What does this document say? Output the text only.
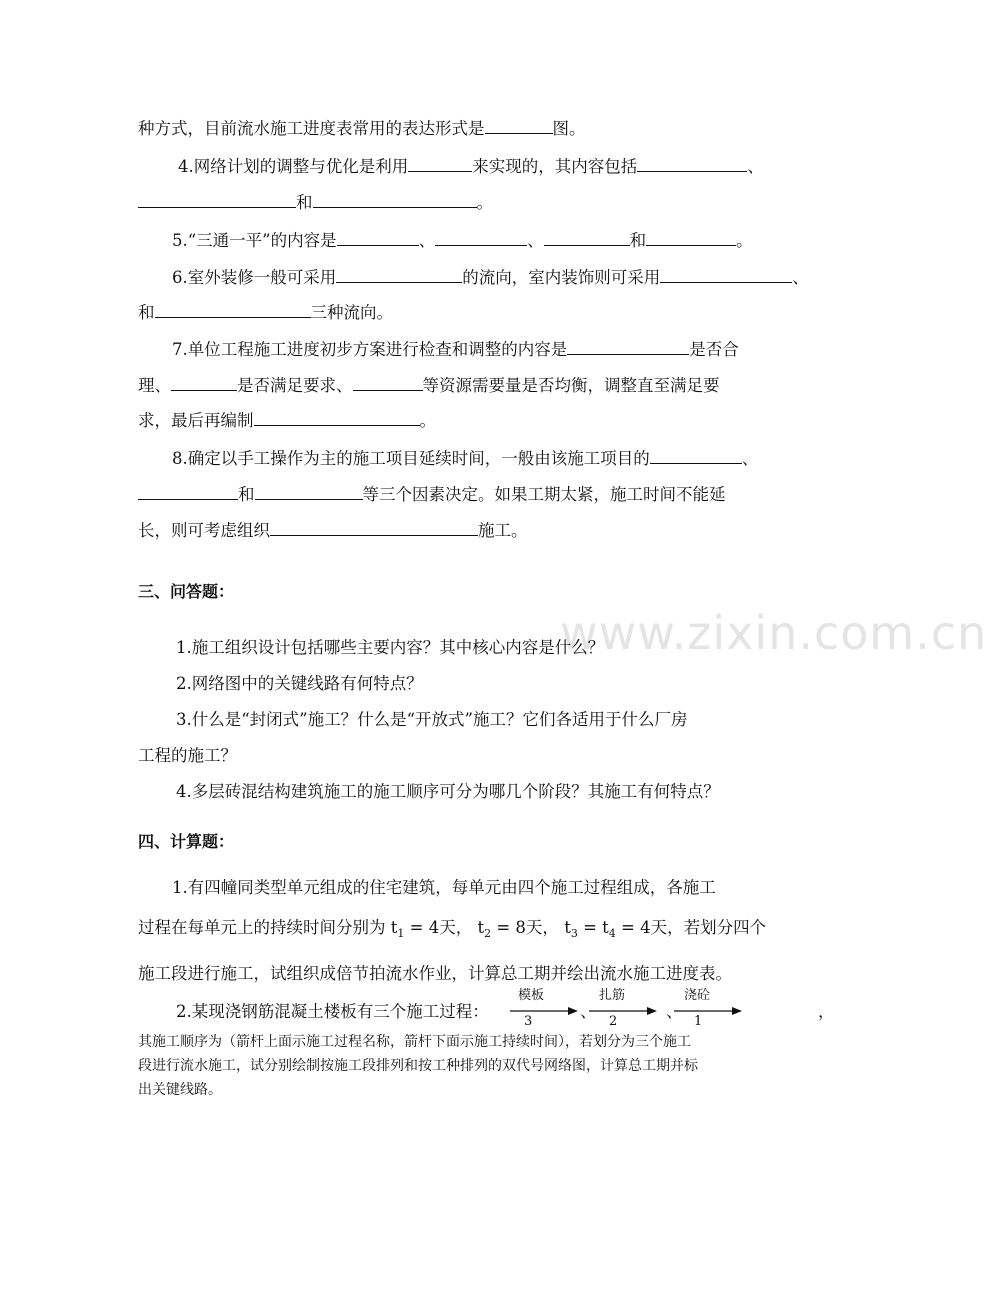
www.zixin.com.cn
种方式，目前流水施工进度表常用的表达形式是	图。
4.网络计划的调整与优化是利用	来实现的，其内容包括	、
和	。
5.“三通一平”的内容是	、	、	和	。
6.室外装修一般可采用	的流向，室内装饰则可采用	、
和	三种流向。
7.单位工程施工进度初步方案进行检查和调整的内容是	是否合
理、	是否满足要求、	等资源需要量是否均衡，调整直至满足要
求，最后再编制	。
8.确定以手工操作为主的施工项目延续时间，一般由该施工项目的	、
和	等三个因素决定。如果工期太紧，施工时间不能延
长，则可考虑组织	施工。
三、问答题：
1.施工组织设计包括哪些主要内容？其中核心内容是什么？
2.网络图中的关键线路有何特点？
3.什么是“封闭式”施工？什么是“开放式”施工？它们各适用于什么厂房
工程的施工？
4.多层砖混结构建筑施工的施工顺序可分为哪几个阶段？其施工有何特点？
四、计算题：
1.有四幢同类型单元组成的住宅建筑，每单元由四个施工过程组成，各施工
过程在每单元上的持续时间分别为 $t_1 = 4$天， $t_2 = 8$天， $t_3 = t_4 = 4$天，若划分四个
施工段进行施工，试组织成倍节拍流水作业，计算总工期并绘出流水施工进度表。
2.某现浇钢筋混凝土楼板有三个施工过程：
模板
3
、
扎筋
2
、
浇砼
1
，
其施工顺序为（箭杆上面示施工过程名称，箭杆下面示施工持续时间），若划分为三个施工
段进行流水施工，试分别绘制按施工段排列和按工种排列的双代号网络图，计算总工期并标
出关键线路。
